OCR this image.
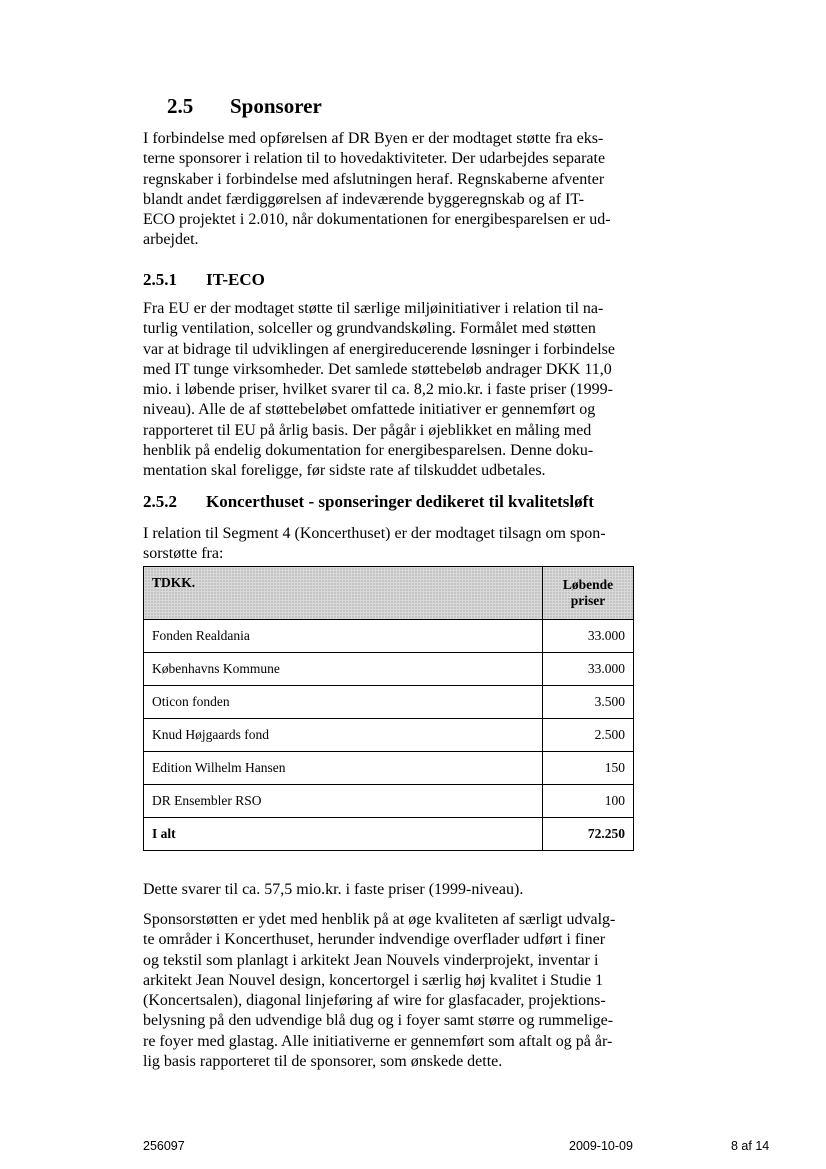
2.5 Sponsorer
I forbindelse med opførelsen af DR Byen er der modtaget støtte fra eks-
terne sponsorer i relation til to hovedaktiviteter. Der udarbejdes separate
regnskaber i forbindelse med afslutningen heraf. Regnskaberne afventer
blandt andet færdiggørelsen af indeværende byggeregnskab og af IT-
ECO projektet i 2.010, når dokumentationen for energibesparelsen er ud-
arbejdet.
2.5.1 IT-ECO
Fra EU er der modtaget støtte til særlige miljøinitiativer i relation til na-
turlig ventilation, solceller og grundvandskøling. Formålet med støtten
var at bidrage til udviklingen af energireducerende løsninger i forbindelse
med IT tunge virksomheder. Det samlede støttebeløb andrager DKK 11,0
mio. i løbende priser, hvilket svarer til ca. 8,2 mio.kr. i faste priser (1999-
niveau). Alle de af støttebeløbet omfattede initiativer er gennemført og
rapporteret til EU på årlig basis. Der pågår i øjeblikket en måling med
henblik på endelig dokumentation for energibesparelsen. Denne doku-
mentation skal foreligge, før sidste rate af tilskuddet udbetales.
2.5.2 Koncerthuset - sponseringer dedikeret til kvalitetsløft
I relation til Segment 4 (Koncerthuset) er der modtaget tilsagn om spon-
sorstøtte fra:
TDKK.	Løbende
priser
Fonden Realdania	33.000
Københavns Kommune	33.000
Oticon fonden	3.500
Knud Højgaards fond	2.500
Edition Wilhelm Hansen	150
DR Ensembler RSO	100
I alt	72.250
Dette svarer til ca. 57,5 mio.kr. i faste priser (1999-niveau).
Sponsorstøtten er ydet med henblik på at øge kvaliteten af særligt udvalg-
te områder i Koncerthuset, herunder indvendige overflader udført i finer
og tekstil som planlagt i arkitekt Jean Nouvels vinderprojekt, inventar i
arkitekt Jean Nouvel design, koncertorgel i særlig høj kvalitet i Studie 1
(Koncertsalen), diagonal linjeføring af wire for glasfacader, projektions-
belysning på den udvendige blå dug og i foyer samt større og rummelige-
re foyer med glastag. Alle initiativerne er gennemført som aftalt og på år-
lig basis rapporteret til de sponsorer, som ønskede dette.
256097	2009-10-09	8 af 14
